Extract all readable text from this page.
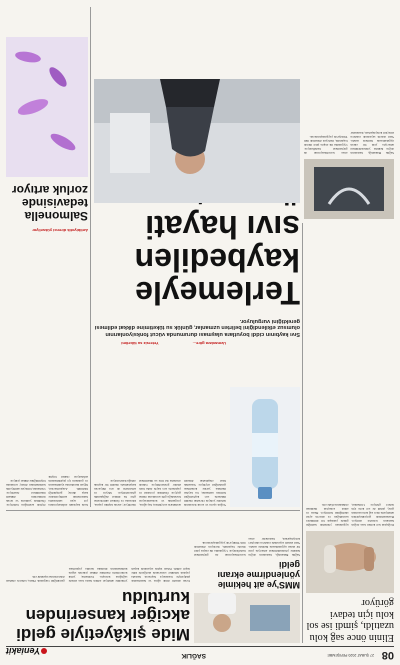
08
27 ŞUBAT 2020 PERŞEMBE
SAĞLIK
Yeniakit
Elinin önce sağ kolu uzatıldı, şimdi ise sol kolu için tedavi görüyor

Doğuştan kol kolları kısa doğan hastanın tedavisi sürüyor. Hastanemizde gerçekleştirilen ameliyatla önce sağ kolu uzatılan genç, şimdi de sol kolu için tedavi görüyor. Uzmanlar, uygulanan yöntemle kemiğin günde yaklaşık bir milimetre uzatıldığını ve sürecin aylar sürdüğünü belirtiyor. Hasta ve ailesi sonuçtan memnun olduklarını ifade etti.

Mide şikâyetiyle geldi akciğer kanserinden kurtuldu

Uzun süredir mide ağrısı ve hazımsızlık şikâyetiyle hastaneye başvuran hastada yapılan tetkikler sonucunda akciğerde kitle tespit edildi. Erken teşhis sayesinde kapalı yöntemle ameliyat edilen hasta kısa sürede sağlığına kavuştu. Uzmanlar, yıllık kontrollerin önemine dikkat çekerek sigara kullananların mutlaka tarama yaptırması gerektiğini vurguladı. Hasta, taburcu olurken doktorlarına teşekkür etti.

MMS'ye ait hekimle yönlendirme ekranı geldi

Sağlık Bakanlığı, hastaların doğru hekime yönlendirilmesi amacıyla yeni bir ekran uygulamasını hizmete sundu. Yeni sistem sayesinde randevu süreçleri kolaylaşırken, hastaneler arası koordinasyonun da güçlenmesi hedefleniyor. Uygulama ilk etapta pilot illerde başlatıldı, ilerleyen dönemde tüm Türkiye'de yaygınlaştırılacak.

Yoğun sporu ve sıcak havalarda terleme yoluyla vücudun önemli miktarda sıvı kaybettiğini belirten uzmanlar, bu kaybın mutlaka yerine konulması gerektiğini söylüyor. Susuzluk hissi oluşmadan düzenli aralıklarla su içilmesi, baş ağrısı, yorgunluk ve konsantrasyon bozukluğu gibi sorunların önüne geçiyor. Özellikle çocuklar ve yaşlılarda sıvı kaybı daha hızlı etkiler gösterebiliyor. Günde ortalama iki litre su tüketilmesi öneriliyor; ancak kişinin yaşına, kilosuna ve fiziksel aktivitesine göre bu miktar değişkenlik gösterebiliyor. Meyve ve sebzelerin de sıvı ihtiyacını karşılamada önemli bir kaynak olduğu hatırlatılıyor.

Uzmanlara göre... Yetersiz su tüketimi

Sıvı kaybının ciddi boyutlara ulaşması durumunda vücut fonksiyonlarının olumsuz etkilendiğini belirten uzmanlar, günlük su tüketimine dikkat edilmesi gerektiğini vurguluyor.

Terlemeyle kaybedilen sıvı hayati

Gıda kaynaklı enfeksiyonlara yol açan salmonella bakterisinin antibiyotiklere karşı direnç geliştirdiği bildirildi. Araştırmacılar, hijyen kurallarına uyulmasının ve gıdaların iyi pişirilmesinin enfeksiyon riskini büyük ölçüde azalttığını belirtiyor. Özellikle yumurta ve tavuk ürünlerinin dikkatli tüketilmesi öneriliyor. Uzmanlar, bilinçsiz antibiyotik kullanımının direnç sorununu büyüttüğüne dikkat çekiyor.

Antibiyotik direnci yükseliyor
Salmonella tedavisinde zorluk artıyor

Sağlık Bakanlığı, hastaların doğru hekime yönlendirilmesi amacıyla yeni bir ekran uygulamasını hizmete sundu. Yeni sistem sayesinde randevu süreçleri kolaylaşırken, hastaneler arası koordinasyonun da güçlenmesi hedefleniyor. Uygulama ilk etapta pilot illerde başlatıldı, ilerleyen dönemde tüm Türkiye'de yaygınlaştırılacak.
